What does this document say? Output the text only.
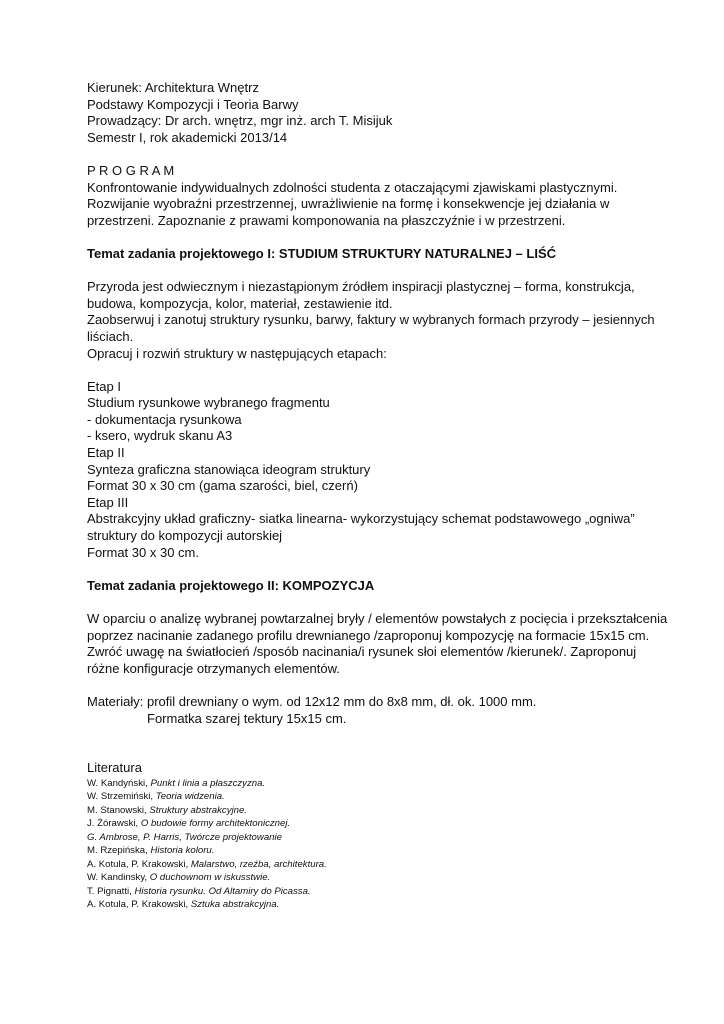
Kierunek: Architektura Wnętrz

Podstawy Kompozycji i Teoria Barwy

Prowadzący: Dr arch. wnętrz, mgr inż. arch T. Misijuk

Semestr I, rok akademicki 2013/14

P R O G R A M

Konfrontowanie indywidualnych zdolności studenta z otaczającymi zjawiskami plastycznymi.

Rozwijanie wyobraźni przestrzennej, uwrażliwienie na formę i konsekwencje jej działania w

przestrzeni. Zapoznanie z prawami komponowania na płaszczyźnie i w przestrzeni.

Temat zadania projektowego I: STUDIUM STRUKTURY NATURALNEJ – LIŚĆ

Przyroda jest odwiecznym i niezastąpionym źródłem inspiracji plastycznej – forma, konstrukcja,

budowa, kompozycja, kolor, materiał, zestawienie itd.

Zaobserwuj i zanotuj struktury rysunku, barwy, faktury w wybranych formach przyrody – jesiennych

liściach.

Opracuj i rozwiń struktury w następujących etapach:

Etap I

Studium rysunkowe wybranego fragmentu

- dokumentacja rysunkowa

- ksero, wydruk skanu A3

Etap II

Synteza graficzna stanowiąca ideogram struktury

Format 30 x 30 cm (gama szarości, biel, czerń)

Etap III

Abstrakcyjny układ graficzny- siatka linearna- wykorzystujący schemat podstawowego „ogniwa”

struktury do kompozycji autorskiej

Format 30 x 30 cm.

Temat zadania projektowego II: KOMPOZYCJA

W oparciu o analizę wybranej powtarzalnej bryły / elementów powstałych z pocięcia i przekształcenia

poprzez nacinanie zadanego profilu drewnianego /zaproponuj kompozycję na formacie 15x15 cm.

Zwróć uwagę na światłocień /sposób nacinania/i rysunek słoi elementów /kierunek/. Zaproponuj

różne konfiguracje otrzymanych elementów.

Materiały: profil drewniany o wym. od 12x12 mm do 8x8 mm, dł. ok. 1000 mm.

Formatka szarej tektury 15x15 cm.

Literatura

W. Kandyński, Punkt i linia a płaszczyzna.

W. Strzemiński, Teoria widzenia.

M. Stanowski, Struktury abstrakcyjne.

J. Żórawski, O budowie formy architektonicznej.

G. Ambrose, P. Harris, Twórcze projektowanie

M. Rzepińska, Historia koloru.

A. Kotula, P. Krakowski, Malarstwo, rzeźba, architektura.

W. Kandinsky, O duchownom w iskusstwie.

T. Pignatti, Historia rysunku. Od Altamiry do Picassa.

A. Kotula, P. Krakowski, Sztuka abstrakcyjna.
